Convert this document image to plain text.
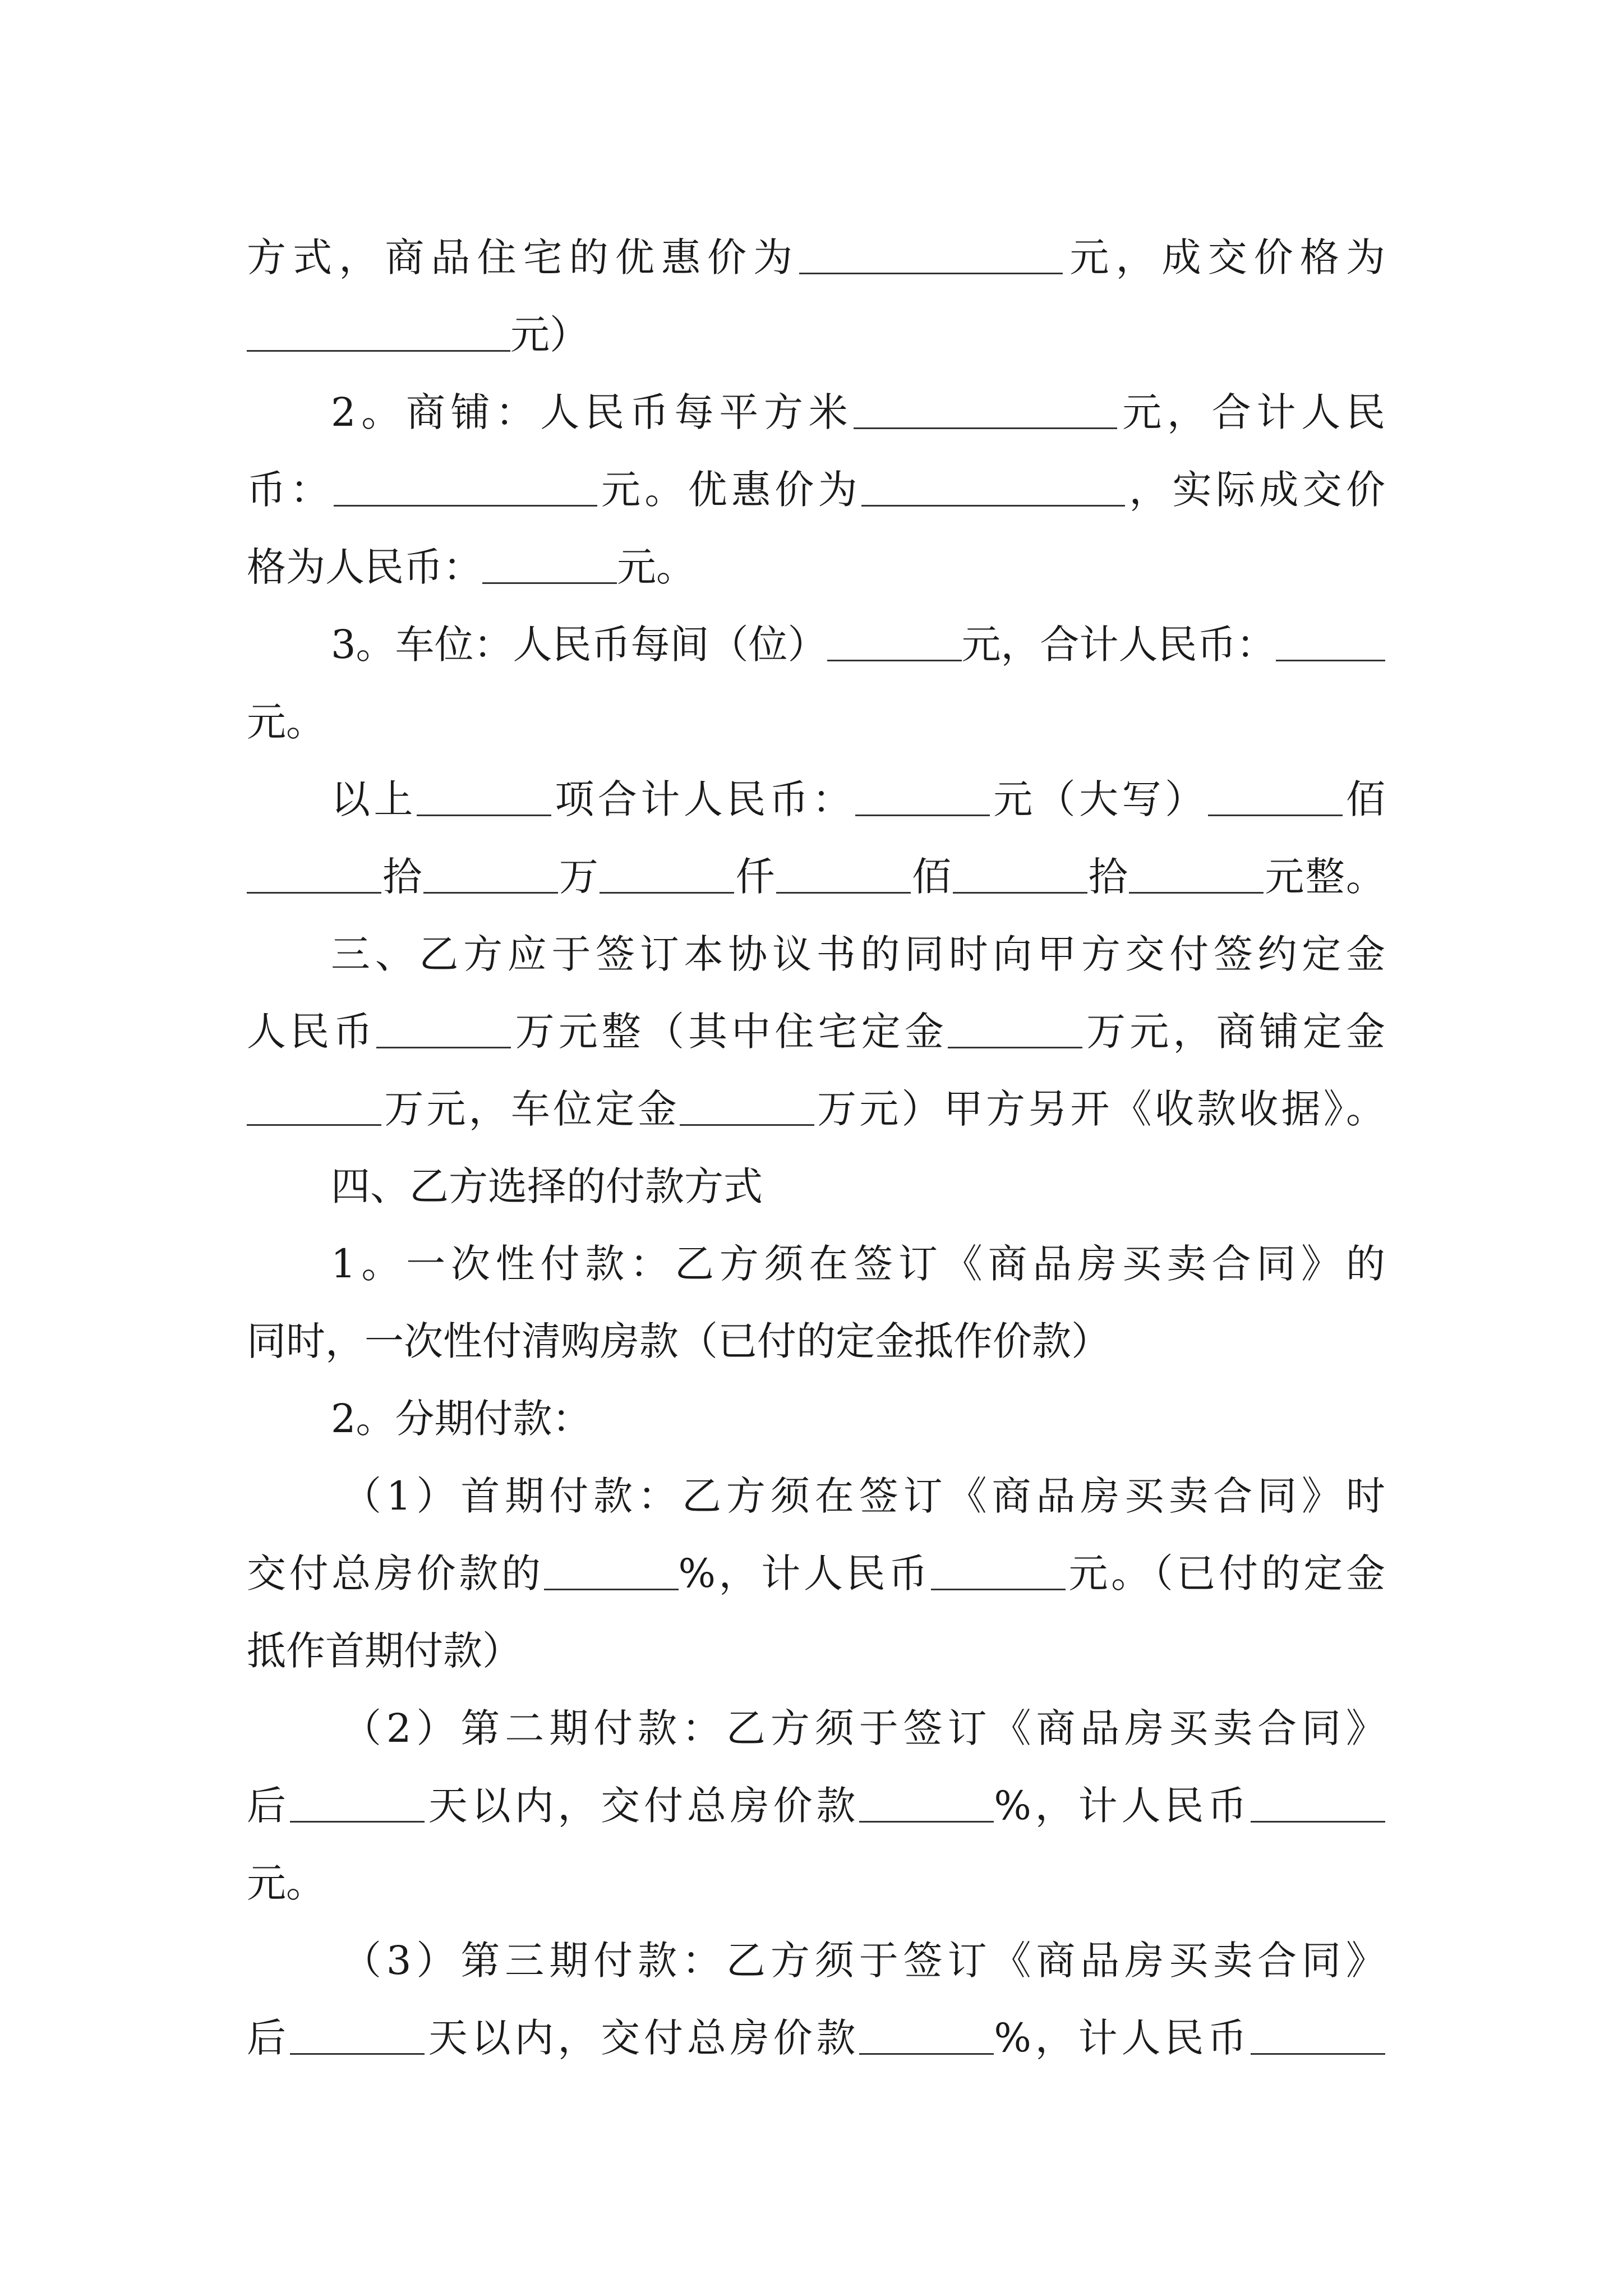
方式，商品住宅的优惠价为	元，成交价格为
元）
2。商铺：人民币每平方米	元，合计人民
币：	元。优惠价为	，实际成交价
格为人民币：	元。
3。车位：人民币每间（位）	元，合计人民币：
元。
以上	项合计人民币：	元（大写）	佰
拾	万	仟	佰	拾	元整。
三、乙方应于签订本协议书的同时向甲方交付签约定金
人民币	万元整（其中住宅定金	万元，商铺定金
万元，车位定金	万元）甲方另开《收款收据》。
四、乙方选择的付款方式
1。一次性付款：乙方须在签订《商品房买卖合同》的
同时，一次性付清购房款（已付的定金抵作价款）
2。分期付款：
（1）首期付款：乙方须在签订《商品房买卖合同》时
交付总房价款的	%，计人民币	元。（已付的定金
抵作首期付款）
（2）第二期付款：乙方须于签订《商品房买卖合同》
后	天以内，交付总房价款	%，计人民币
元。
（3）第三期付款：乙方须于签订《商品房买卖合同》
后	天以内，交付总房价款	%，计人民币
